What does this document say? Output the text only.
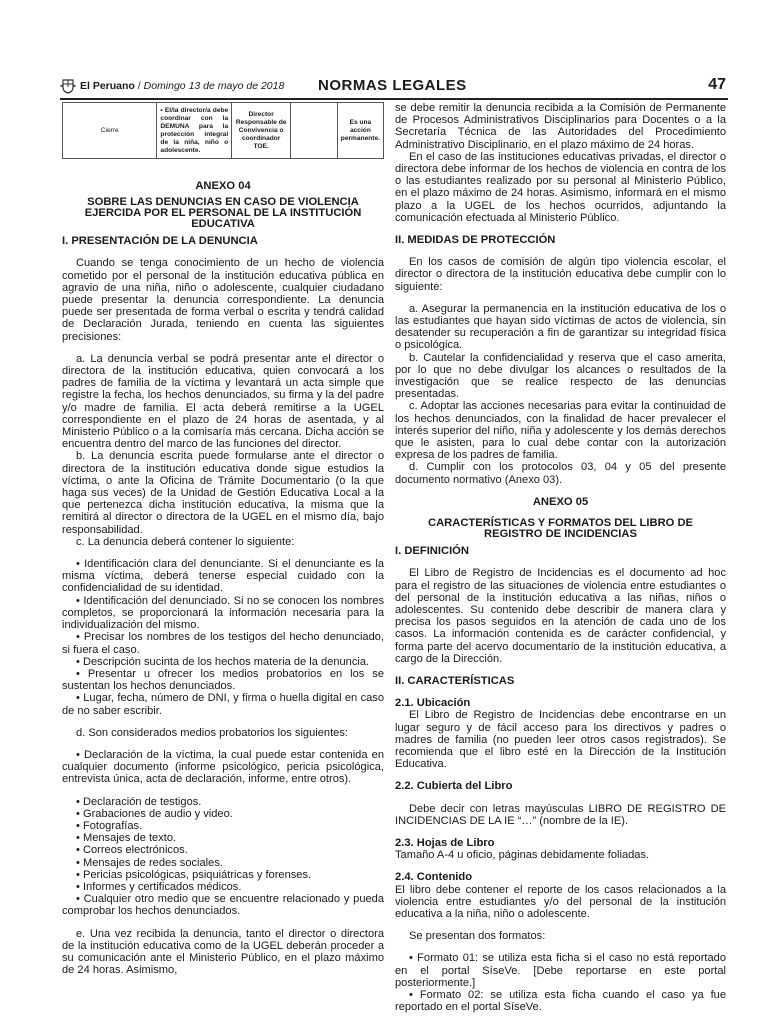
El Peruano / Domingo 13 de mayo de 2018 NORMAS LEGALES	47
Cierre	• El/la director/a debe coordinar con la DEMUNA para la protección integral de la niña, niño o adolescente.	Director Responsable de Convivencia o coordinador TOE.		Es una acción permanente.

ANEXO 04

SOBRE LAS DENUNCIAS EN CASO DE VIOLENCIA EJERCIDA POR EL PERSONAL DE LA INSTITUCIÓN EDUCATIVA

I. PRESENTACIÓN DE LA DENUNCIA

Cuando se tenga conocimiento de un hecho de violencia cometido por el personal de la institución educativa pública en agravio de una niña, niño o adolescente, cualquier ciudadano puede presentar la denuncia correspondiente. La denuncia puede ser presentada de forma verbal o escrita y tendrá calidad de Declaración Jurada, teniendo en cuenta las siguientes precisiones:

a. La denuncia verbal se podrá presentar ante el director o directora de la institución educativa, quien convocará a los padres de familia de la víctima y levantará un acta simple que registre la fecha, los hechos denunciados, su firma y la del padre y/o madre de familia. El acta deberá remitirse a la UGEL correspondiente en el plazo de 24 horas de asentada, y al Ministerio Público o a la comisaría más cercana. Dicha acción se encuentra dentro del marco de las funciones del director.

b. La denuncia escrita puede formularse ante el director o directora de la institución educativa donde sigue estudios la víctima, o ante la Oficina de Trámite Documentario (o la que haga sus veces) de la Unidad de Gestión Educativa Local a la que pertenezca dicha institución educativa, la misma que la remitirá al director o directora de la UGEL en el mismo día, bajo responsabilidad.

c. La denuncia deberá contener lo siguiente:

• Identificación clara del denunciante. Si el denunciante es la misma víctima, deberá tenerse especial cuidado con la confidencialidad de su identidad.

• Identificación del denunciado. Si no se conocen los nombres completos, se proporcionará la información necesaria para la individualización del mismo.

• Precisar los nombres de los testigos del hecho denunciado, si fuera el caso.

• Descripción sucinta de los hechos materia de la denuncia.

• Presentar u ofrecer los medios probatorios en los se sustentan los hechos denunciados.

• Lugar, fecha, número de DNI, y firma o huella digital en caso de no saber escribir.

d. Son considerados medios probatorios los siguientes:

• Declaración de la víctima, la cual puede estar contenida en cualquier documento (informe psicológico, pericia psicológica, entrevista única, acta de declaración, informe, entre otros).

• Declaración de testigos.

• Grabaciones de audio y video.

• Fotografías.

• Mensajes de texto.

• Correos electrónicos.

• Mensajes de redes sociales.

• Pericias psicológicas, psiquiátricas y forenses.

• Informes y certificados médicos.

• Cualquier otro medio que se encuentre relacionado y pueda comprobar los hechos denunciados.

e. Una vez recibida la denuncia, tanto el director o directora de la institución educativa como de la UGEL deberán proceder a su comunicación ante el Ministerio Público, en el plazo máximo de 24 horas. Asimismo,

se debe remitir la denuncia recibida a la Comisión de Permanente de Procesos Administrativos Disciplinarios para Docentes o a la Secretaría Técnica de las Autoridades del Procedimiento Administrativo Disciplinario, en el plazo máximo de 24 horas.

En el caso de las instituciones educativas privadas, el director o directora debe informar de los hechos de violencia en contra de los o las estudiantes realizado por su personal al Ministerio Público, en el plazo máximo de 24 horas. Asimismo, informará en el mismo plazo a la UGEL de los hechos ocurridos, adjuntando la comunicación efectuada al Ministerio Público.

II. MEDIDAS DE PROTECCIÓN

En los casos de comisión de algún tipo violencia escolar, el director o directora de la institución educativa debe cumplir con lo siguiente:

a. Asegurar la permanencia en la institución educativa de los o las estudiantes que hayan sido víctimas de actos de violencia, sin desatender su recuperación a fin de garantizar su integridad física o psicológica.

b. Cautelar la confidencialidad y reserva que el caso amerita, por lo que no debe divulgar los alcances o resultados de la investigación que se realice respecto de las denuncias presentadas.

c. Adoptar las acciones necesarias para evitar la continuidad de los hechos denunciados, con la finalidad de hacer prevalecer el interés superior del niño, niña y adolescente y los demás derechos que le asisten, para lo cual debe contar con la autorización expresa de los padres de familia.

d. Cumplir con los protocolos 03, 04 y 05 del presente documento normativo (Anexo 03).

ANEXO 05

CARACTERÍSTICAS Y FORMATOS DEL LIBRO DE REGISTRO DE INCIDENCIAS

I. DEFINICIÓN

El Libro de Registro de Incidencias es el documento ad hoc para el registro de las situaciones de violencia entre estudiantes o del personal de la institución educativa a las niñas, niños o adolescentes. Su contenido debe describir de manera clara y precisa los pasos seguidos en la atención de cada uno de los casos. La información contenida es de carácter confidencial, y forma parte del acervo documentario de la institución educativa, a cargo de la Dirección.

II. CARACTERÍSTICAS

2.1. Ubicación

El Libro de Registro de Incidencias debe encontrarse en un lugar seguro y de fácil acceso para los directivos y padres o madres de familia (no pueden leer otros casos registrados). Se recomienda que el libro esté en la Dirección de la Institución Educativa.

2.2. Cubierta del Libro

Debe decir con letras mayúsculas LIBRO DE REGISTRO DE INCIDENCIAS DE LA IE “…” (nombre de la IE).

2.3. Hojas de Libro

Tamaño A-4 u oficio, páginas debidamente foliadas.

2.4. Contenido

El libro debe contener el reporte de los casos relacionados a la violencia entre estudiantes y/o del personal de la institución educativa a la niña, niño o adolescente.

Se presentan dos formatos:

• Formato 01: se utiliza esta ficha si el caso no está reportado en el portal SíseVe. [Debe reportarse en este portal posteriormente.]

• Formato 02: se utiliza esta ficha cuando el caso ya fue reportado en el portal SíseVe.
